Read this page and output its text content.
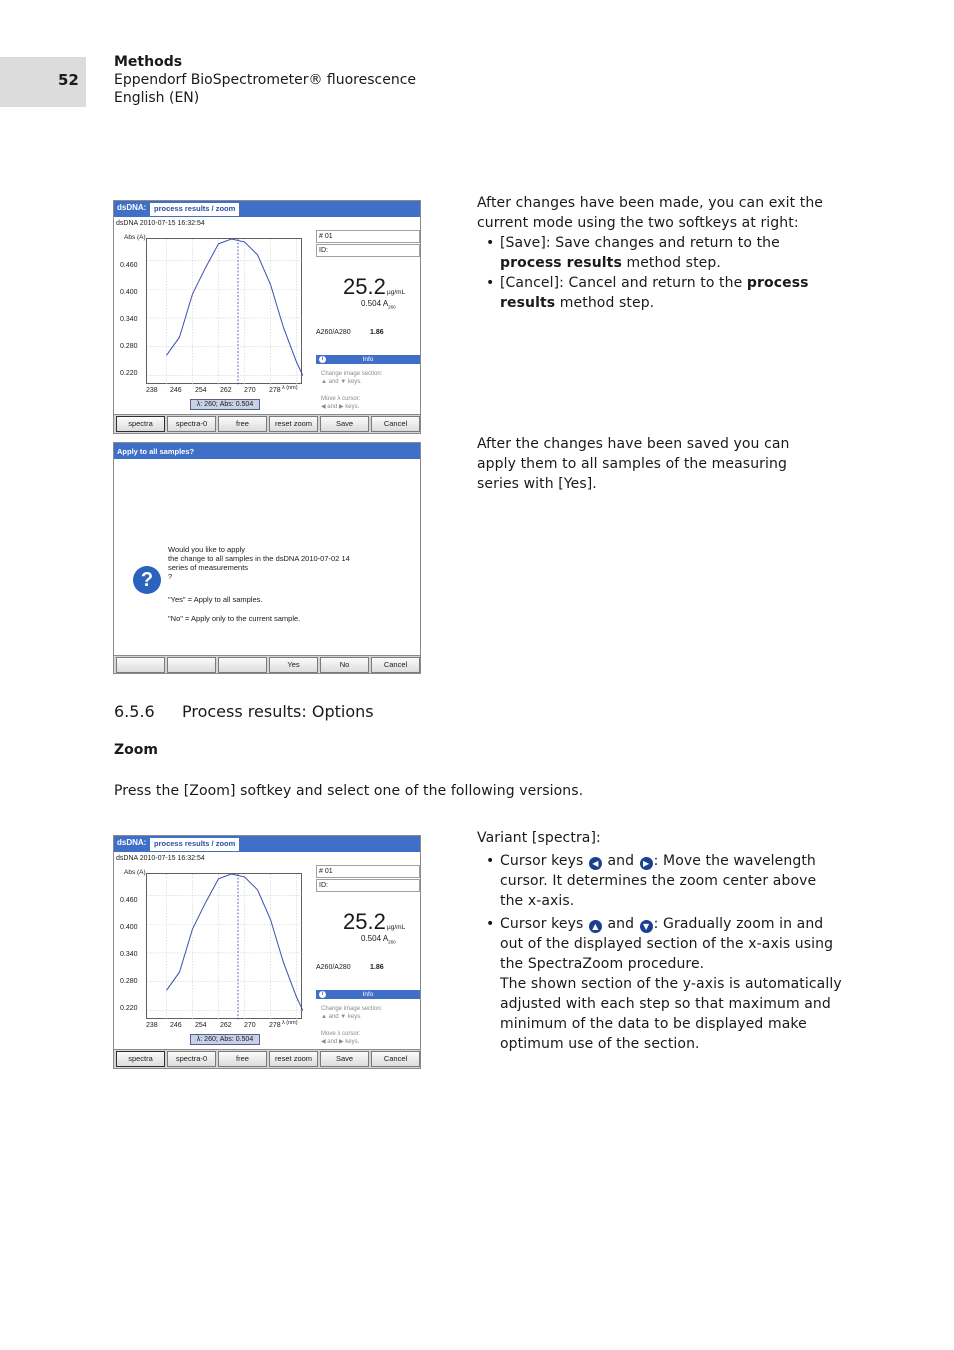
52
Methods
Eppendorf BioSpectrometer® fluorescence
English (EN)
dsDNA:	process results / zoom
dsDNA 2010-07-15 16:32:54
Abs (A)
0.460
0.400
0.340
0.280
0.220
238 246 254 262 270 278 λ (nm)
λ: 260; Abs: 0.504
# 01
ID:
25.2 µg/mL
0.504 $A_{260}$
A260/A280	1.86
i	Info
Change image section:
▲ and ▼ keys.
Move λ cursor:
◀ and ▶ keys.
spectra	spectra-0	free	reset zoom	Save	Cancel
Apply to all samples?
?
Would you like to apply
the change to all samples in the dsDNA 2010-07-02 14
series of measurements
?
"Yes" = Apply to all samples.
"No" = Apply only to the current sample.
Yes	No	Cancel
dsDNA:	process results / zoom
dsDNA 2010-07-15 16:32:54
Abs (A)
0.460
0.400
0.340
0.280
0.220
238 246 254 262 270 278 λ (nm)
λ: 260; Abs: 0.504
# 01
ID:
25.2 µg/mL
0.504 $A_{260}$
A260/A280	1.86
i	Info
Change image section:
▲ and ▼ keys.
Move λ cursor:
◀ and ▶ keys.
spectra	spectra-0	free	reset zoom	Save	Cancel
After changes have been made, you can exit the current mode using the two softkeys at right:
• [Save]: Save changes and return to the process results method step.
• [Cancel]: Cancel and return to the process results method step.
After the changes have been saved you can apply them to all samples of the measuring series with [Yes].
6.5.6 Process results: Options
Zoom
Press the [Zoom] softkey and select one of the following versions.
Variant [spectra]:
• Cursor keys ◀ and ▶ : Move the wavelength cursor. It determines the zoom center above the x-axis.
• Cursor keys ▲ and ▼ : Gradually zoom in and out of the displayed section of the x-axis using the SpectraZoom procedure.
The shown section of the y-axis is automatically adjusted with each step so that maximum and minimum of the data to be displayed make optimum use of the section.
